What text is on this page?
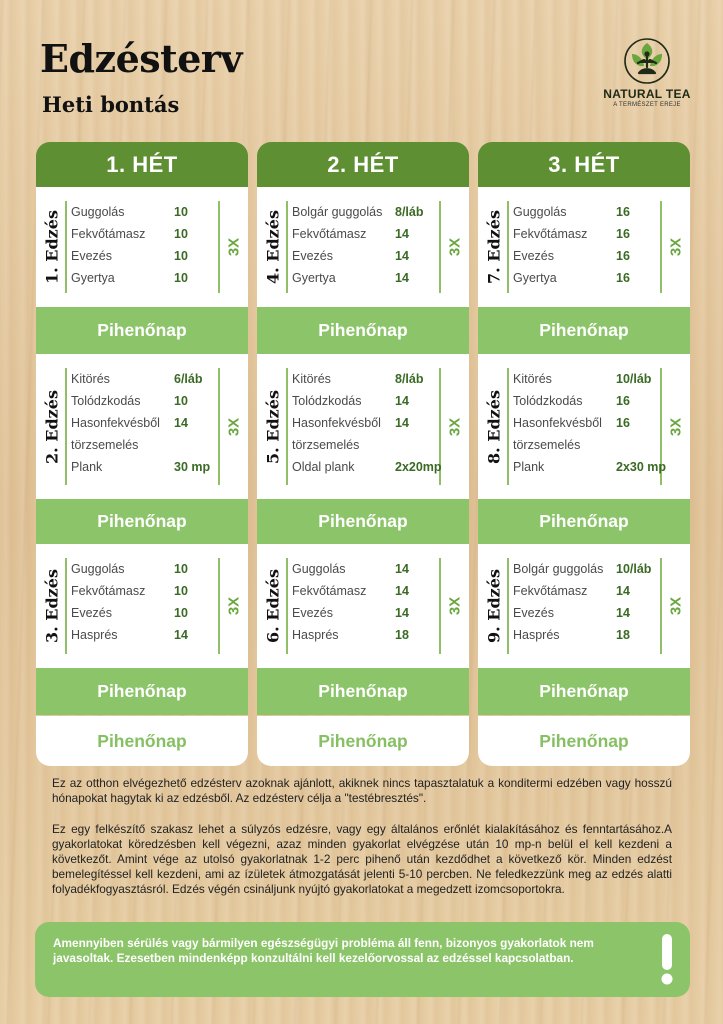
Edzésterv
Heti bontás	NATURAL TEA
A TERMÉSZET EREJE
1. HÉT
1. Edzés Guggolás	10
Fekvőtámasz 10
Evezés	10
Gyertya	10
3X
2. Edzés
Kitörés	6/láb
Tolódzkodás	10
Hasonfekvésből 14
törzsemelés
Plank	30 mp
3X
3. Edzés
Guggolás	10
Fekvőtámasz 10
Evezés	10
Hasprés	14
3X
Pihenőnap
Pihenőnap
Pihenőnap
Pihenőnap
2. HÉT
4. Edzés Bolgár guggolás 8/láb
Fekvőtámasz 14
Evezés	14
Gyertya	14
3X
5. Edzés
Kitörés	8/láb
Tolódzkodás	14
Hasonfekvésből 14
törzsemelés
Oldal plank	2x20mp
3X
6. Edzés
Guggolás	14
Fekvőtámasz 14
Evezés	14
Hasprés	18
3X
Pihenőnap
Pihenőnap
Pihenőnap
Pihenőnap
3. HÉT
7. Edzés Guggolás	16
Fekvőtámasz 16
Evezés	16
Gyertya	16
3X
8. Edzés
Kitörés	10/láb
Tolódzkodás	16
Hasonfekvésből 16
törzsemelés
Plank	2x30 mp
3X
9. Edzés
Bolgár guggolás 10/láb
Fekvőtámasz 14
Evezés	14
Hasprés	18
3X
Pihenőnap
Pihenőnap
Pihenőnap
Pihenőnap
Ez az otthon elvégezhető edzésterv azoknak ajánlott, akiknek nincs tapasztalatuk a konditermi edzében vagy hosszú hónapokat hagytak ki az edzésből. Az edzésterv célja a "testébresztés".
Ez egy felkészítő szakasz lehet a súlyzós edzésre, vagy egy általános erőnlét kialakításához és fenntartásához.A gyakorlatokat köredzésben kell végezni, azaz minden gyakorlat elvégzése után 10 mp-n belül el kell kezdeni a következőt. Amint vége az utolsó gyakorlatnak 1-2 perc pihenő után kezdődhet a következő kör. Minden edzést bemelegítéssel kell kezdeni, ami az ízületek átmozgatását jelenti 5-10 percben. Ne feledkezzünk meg az edzés alatti folyadékfogyasztásról. Edzés végén csináljunk nyújtó gyakorlatokat a megedzett izomcsoportokra.
Amennyiben sérülés vagy bármilyen egészségügyi probléma áll fenn, bizonyos gyakorlatok nem javasoltak. Ezesetben mindenképp konzultálni kell kezelőorvossal az edzéssel kapcsolatban.
